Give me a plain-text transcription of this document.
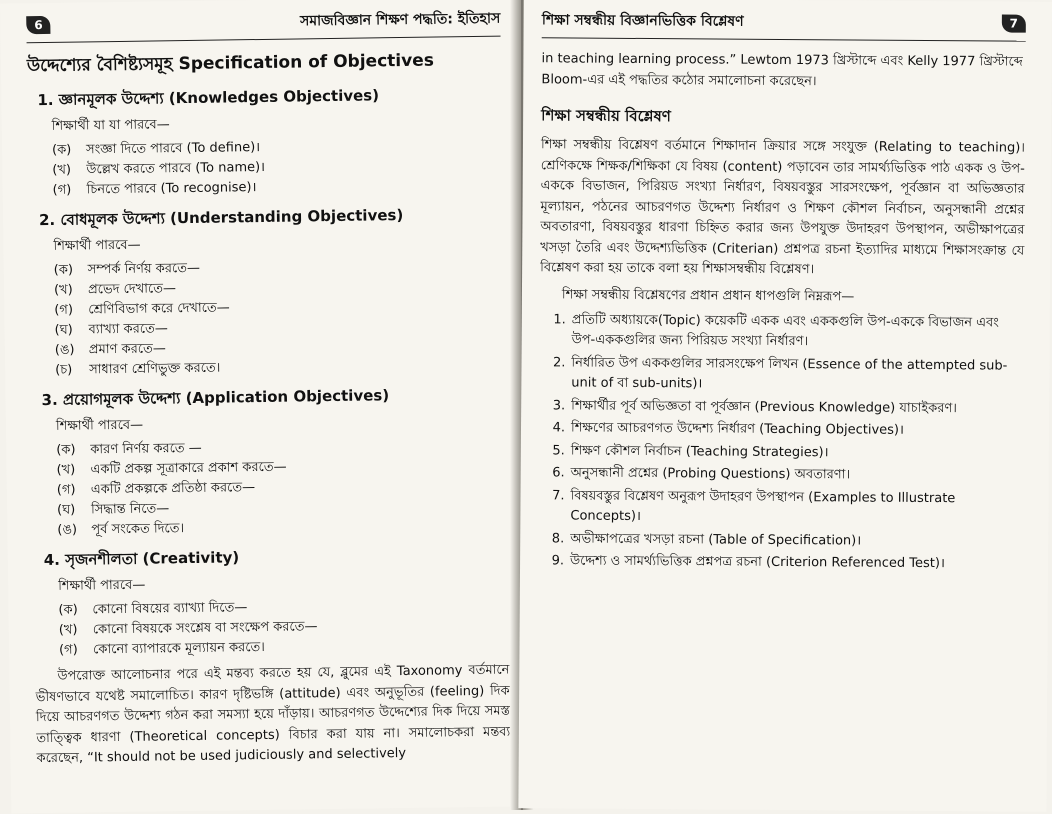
6	সমাজবিজ্ঞান শিক্ষণ পদ্ধতি: ইতিহাস
উদ্দেশ্যের বৈশিষ্ট্যসমূহ Specification of Objectives
1. জ্ঞানমূলক উদ্দেশ্য (Knowledges Objectives)
শিক্ষার্থী যা যা পারবে—
(ক)	সংজ্ঞা দিতে পারবে (To define)।
(খ)	উল্লেখ করতে পারবে (To name)।
(গ)	চিনতে পারবে (To recognise)।
2. বোধমূলক উদ্দেশ্য (Understanding Objectives)
শিক্ষার্থী পারবে—
(ক)	সম্পর্ক নির্ণয় করতে—
(খ)	প্রভেদ দেখাতে—
(গ)	শ্রেণিবিভাগ করে দেখাতে—
(ঘ)	ব্যাখ্যা করতে—
(ঙ)	প্রমাণ করতে—
(চ)	সাধারণ শ্রেণিভুক্ত করতে।
3. প্রয়োগমূলক উদ্দেশ্য (Application Objectives)
শিক্ষার্থী পারবে—
(ক)	কারণ নির্ণয় করতে —
(খ)	একটি প্রকল্প সূত্রাকারে প্রকাশ করতে—
(গ)	একটি প্রকল্পকে প্রতিষ্ঠা করতে—
(ঘ)	সিদ্ধান্ত নিতে—
(ঙ)	পূর্ব সংকেত দিতে।
4. সৃজনশীলতা (Creativity)
শিক্ষার্থী পারবে—
(ক)	কোনো বিষয়ের ব্যাখ্যা দিতে—
(খ)	কোনো বিষয়কে সংশ্লেষ বা সংক্ষেপ করতে—
(গ)	কোনো ব্যাপারকে মূল্যায়ন করতে।

উপরোক্ত আলোচনার পরে এই মন্তব্য করতে হয় যে, ব্লুমের এই Taxonomy বর্তমানে ভীষণভাবে যথেষ্ট সমালোচিত। কারণ দৃষ্টিভঙ্গি (attitude) এবং অনুভূতির (feeling) দিক দিয়ে আচরণগত উদ্দেশ্য গঠন করা সমস্যা হয়ে দাঁড়ায়। আচরণগত উদ্দেশ্যের দিক দিয়ে সমস্ত তাত্ত্বিক ধারণা (Theoretical concepts) বিচার করা যায় না। সমালোচকরা মন্তব্য করেছেন, “It should not be used judiciously and selectively

শিক্ষা সম্বন্ধীয় বিজ্ঞানভিত্তিক বিশ্লেষণ	7

in teaching learning process.” Lewtom 1973 খ্রিস্টাব্দে এবং Kelly 1977 খ্রিস্টাব্দে Bloom-এর এই পদ্ধতির কঠোর সমালোচনা করেছেন।

শিক্ষা সম্বন্ধীয় বিশ্লেষণ

শিক্ষা সম্বন্ধীয় বিশ্লেষণ বর্তমানে শিক্ষাদান ক্রিয়ার সঙ্গে সংযুক্ত (Relating to teaching)। শ্রেণিকক্ষে শিক্ষক/শিক্ষিকা যে বিষয় (content) পড়াবেন তার সামর্থ্যভিত্তিক পাঠ একক ও উপ-এককে বিভাজন, পিরিয়ড সংখ্যা নির্ধারণ, বিষয়বস্তুর সারসংক্ষেপ, পূর্বজ্ঞান বা অভিজ্ঞতার মূল্যায়ন, পঠনের আচরণগত উদ্দেশ্য নির্ধারণ ও শিক্ষণ কৌশল নির্বাচন, অনুসন্ধানী প্রশ্নের অবতারণা, বিষয়বস্তুর ধারণা চিহ্নিত করার জন্য উপযুক্ত উদাহরণ উপস্থাপন, অভীক্ষাপত্রের খসড়া তৈরি এবং উদ্দেশ্যভিত্তিক (Criterian) প্রশ্নপত্র রচনা ইত্যাদির মাধ্যমে শিক্ষাসংক্রান্ত যে বিশ্লেষণ করা হয় তাকে বলা হয় শিক্ষাসম্বন্ধীয় বিশ্লেষণ।

শিক্ষা সম্বন্ধীয় বিশ্লেষণের প্রধান প্রধান ধাপগুলি নিম্নরূপ—
1. প্রতিটি অধ্যায়কে(Topic) কয়েকটি একক এবং এককগুলি উপ-এককে বিভাজন এবং উপ-এককগুলির জন্য পিরিয়ড সংখ্যা নির্ধারণ।
2. নির্ধারিত উপ এককগুলির সারসংক্ষেপ লিখন (Essence of the attempted sub-unit of বা sub-units)।
3. শিক্ষার্থীর পূর্ব অভিজ্ঞতা বা পূর্বজ্ঞান (Previous Knowledge) যাচাইকরণ।
4. শিক্ষণের আচরণগত উদ্দেশ্য নির্ধারণ (Teaching Objectives)।
5. শিক্ষণ কৌশল নির্বাচন (Teaching Strategies)।
6. অনুসন্ধানী প্রশ্নের (Probing Questions) অবতারণা।
7. বিষয়বস্তুর বিশ্লেষণ অনুরূপ উদাহরণ উপস্থাপন (Examples to Illustrate Concepts)।
8. অভীক্ষাপত্রের খসড়া রচনা (Table of Specification)।
9. উদ্দেশ্য ও সামর্থ্যভিত্তিক প্রশ্নপত্র রচনা (Criterion Referenced Test)।
